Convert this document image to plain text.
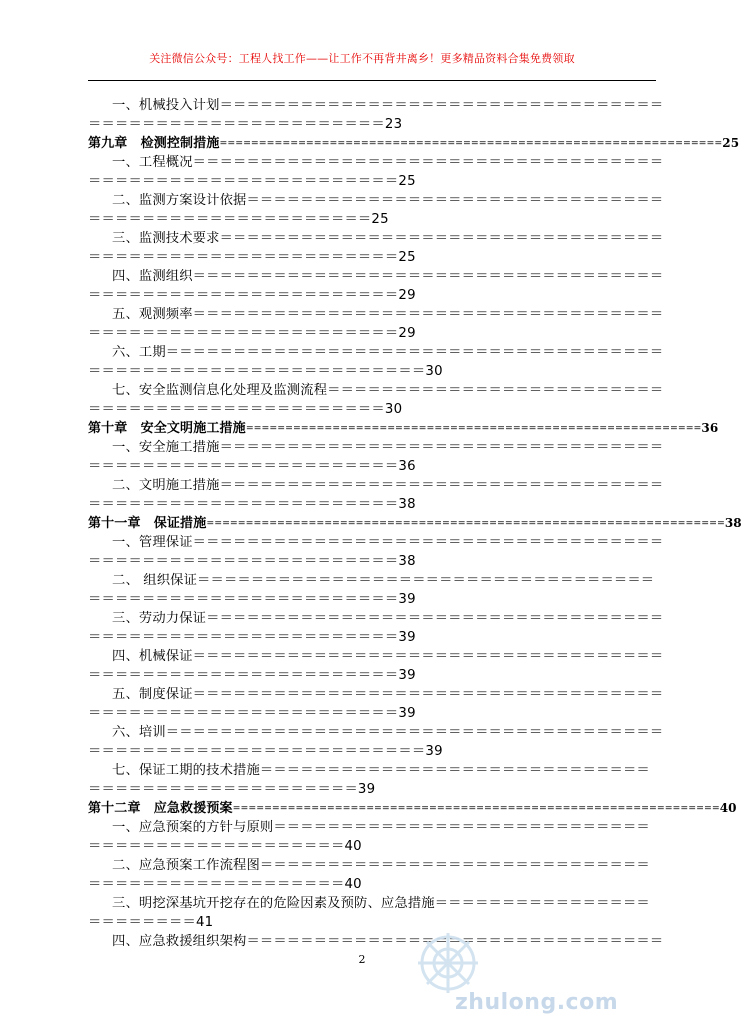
关注微信公众号：工程人找工作——让工作不再背井离乡！更多精品资料合集免费领取
一、机械投入计划＝＝＝＝＝＝＝＝＝＝＝＝＝＝＝＝＝＝＝＝＝＝＝＝＝＝＝＝＝＝＝＝＝
＝＝＝＝＝＝＝＝＝＝＝＝＝＝＝＝＝＝＝＝＝＝23
第九章　检测控制措施================================================================25
一、工程概况＝＝＝＝＝＝＝＝＝＝＝＝＝＝＝＝＝＝＝＝＝＝＝＝＝＝＝＝＝＝＝＝＝＝＝
＝＝＝＝＝＝＝＝＝＝＝＝＝＝＝＝＝＝＝＝＝＝＝25
二、监测方案设计依据＝＝＝＝＝＝＝＝＝＝＝＝＝＝＝＝＝＝＝＝＝＝＝＝＝＝＝＝＝＝＝
＝＝＝＝＝＝＝＝＝＝＝＝＝＝＝＝＝＝＝＝＝25
三、监测技术要求＝＝＝＝＝＝＝＝＝＝＝＝＝＝＝＝＝＝＝＝＝＝＝＝＝＝＝＝＝＝＝＝＝
＝＝＝＝＝＝＝＝＝＝＝＝＝＝＝＝＝＝＝＝＝＝＝25
四、监测组织＝＝＝＝＝＝＝＝＝＝＝＝＝＝＝＝＝＝＝＝＝＝＝＝＝＝＝＝＝＝＝＝＝＝＝
＝＝＝＝＝＝＝＝＝＝＝＝＝＝＝＝＝＝＝＝＝＝＝29
五、观测频率＝＝＝＝＝＝＝＝＝＝＝＝＝＝＝＝＝＝＝＝＝＝＝＝＝＝＝＝＝＝＝＝＝＝＝
＝＝＝＝＝＝＝＝＝＝＝＝＝＝＝＝＝＝＝＝＝＝＝29
六、工期＝＝＝＝＝＝＝＝＝＝＝＝＝＝＝＝＝＝＝＝＝＝＝＝＝＝＝＝＝＝＝＝＝＝＝＝＝
＝＝＝＝＝＝＝＝＝＝＝＝＝＝＝＝＝＝＝＝＝＝＝＝＝30
七、安全监测信息化处理及监测流程＝＝＝＝＝＝＝＝＝＝＝＝＝＝＝＝＝＝＝＝＝＝＝＝＝
＝＝＝＝＝＝＝＝＝＝＝＝＝＝＝＝＝＝＝＝＝＝30
第十章　安全文明施工措施==========================================================36
一、安全施工措施＝＝＝＝＝＝＝＝＝＝＝＝＝＝＝＝＝＝＝＝＝＝＝＝＝＝＝＝＝＝＝＝＝
＝＝＝＝＝＝＝＝＝＝＝＝＝＝＝＝＝＝＝＝＝＝＝36
二、文明施工措施＝＝＝＝＝＝＝＝＝＝＝＝＝＝＝＝＝＝＝＝＝＝＝＝＝＝＝＝＝＝＝＝＝
＝＝＝＝＝＝＝＝＝＝＝＝＝＝＝＝＝＝＝＝＝＝＝38
第十一章　保证措施==================================================================38
一、管理保证＝＝＝＝＝＝＝＝＝＝＝＝＝＝＝＝＝＝＝＝＝＝＝＝＝＝＝＝＝＝＝＝＝＝＝
＝＝＝＝＝＝＝＝＝＝＝＝＝＝＝＝＝＝＝＝＝＝＝38
二、 组织保证＝＝＝＝＝＝＝＝＝＝＝＝＝＝＝＝＝＝＝＝＝＝＝＝＝＝＝＝＝＝＝＝＝＝
＝＝＝＝＝＝＝＝＝＝＝＝＝＝＝＝＝＝＝＝＝＝＝39
三、劳动力保证＝＝＝＝＝＝＝＝＝＝＝＝＝＝＝＝＝＝＝＝＝＝＝＝＝＝＝＝＝＝＝＝＝＝
＝＝＝＝＝＝＝＝＝＝＝＝＝＝＝＝＝＝＝＝＝＝＝39
四、机械保证＝＝＝＝＝＝＝＝＝＝＝＝＝＝＝＝＝＝＝＝＝＝＝＝＝＝＝＝＝＝＝＝＝＝＝
＝＝＝＝＝＝＝＝＝＝＝＝＝＝＝＝＝＝＝＝＝＝＝39
五、制度保证＝＝＝＝＝＝＝＝＝＝＝＝＝＝＝＝＝＝＝＝＝＝＝＝＝＝＝＝＝＝＝＝＝＝＝
＝＝＝＝＝＝＝＝＝＝＝＝＝＝＝＝＝＝＝＝＝＝＝39
六、培训＝＝＝＝＝＝＝＝＝＝＝＝＝＝＝＝＝＝＝＝＝＝＝＝＝＝＝＝＝＝＝＝＝＝＝＝＝
＝＝＝＝＝＝＝＝＝＝＝＝＝＝＝＝＝＝＝＝＝＝＝＝＝39
七、保证工期的技术措施＝＝＝＝＝＝＝＝＝＝＝＝＝＝＝＝＝＝＝＝＝＝＝＝＝＝＝＝＝
＝＝＝＝＝＝＝＝＝＝＝＝＝＝＝＝＝＝＝＝39
第十二章　应急救援预案==============================================================40
一、应急预案的方针与原则＝＝＝＝＝＝＝＝＝＝＝＝＝＝＝＝＝＝＝＝＝＝＝＝＝＝＝＝
＝＝＝＝＝＝＝＝＝＝＝＝＝＝＝＝＝＝＝40
二、应急预案工作流程图＝＝＝＝＝＝＝＝＝＝＝＝＝＝＝＝＝＝＝＝＝＝＝＝＝＝＝＝＝
＝＝＝＝＝＝＝＝＝＝＝＝＝＝＝＝＝＝＝40
三、明挖深基坑开挖存在的危险因素及预防、应急措施＝＝＝＝＝＝＝＝＝＝＝＝＝＝＝＝
＝＝＝＝＝＝＝＝41
四、应急救援组织架构＝＝＝＝＝＝＝＝＝＝＝＝＝＝＝＝＝＝＝＝＝＝＝＝＝＝＝＝＝＝＝
2
zhulong.com
